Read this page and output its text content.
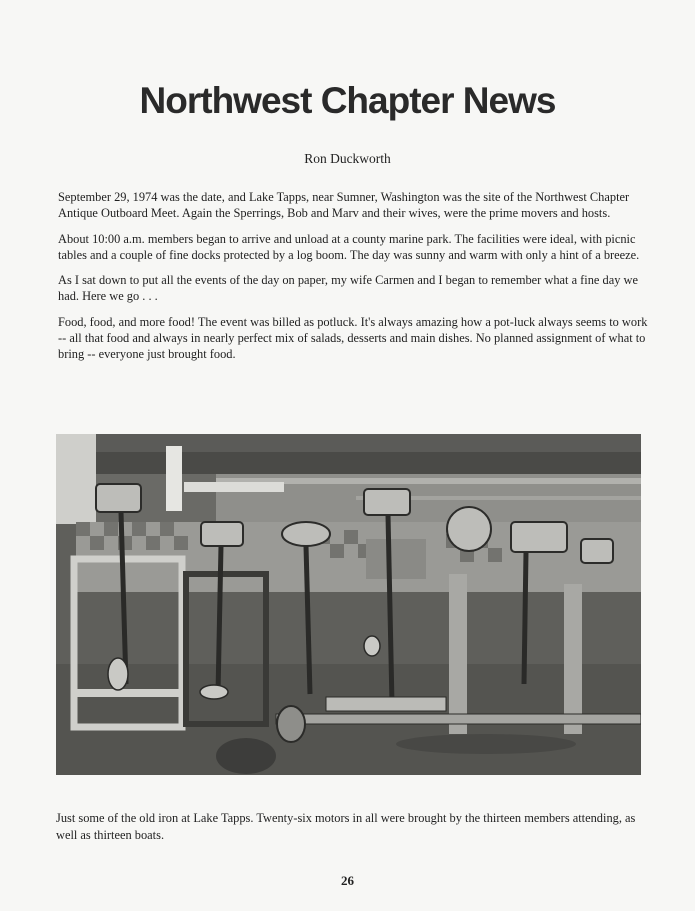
Northwest Chapter News
Ron Duckworth

September 29, 1974 was the date, and Lake Tapps, near Sumner, Washington was the site of the Northwest Chapter Antique Outboard Meet. Again the Sperrings, Bob and Marv and their wives, were the prime movers and hosts.

About 10:00 a.m. members began to arrive and unload at a county marine park. The facilities were ideal, with picnic tables and a couple of fine docks protected by a log boom. The day was sunny and warm with only a hint of a breeze.

As I sat down to put all the events of the day on paper, my wife Carmen and I began to remember what a fine day we had. Here we go . . .

Food, food, and more food! The event was billed as potluck. It's always amazing how a pot-luck always seems to work -- all that food and always in nearly perfect mix of salads, desserts and main dishes. No planned assignment of what to bring -- everyone just brought food.

Just some of the old iron at Lake Tapps. Twenty-six motors in all were brought by the thirteen members attending, as well as thirteen boats.
26
